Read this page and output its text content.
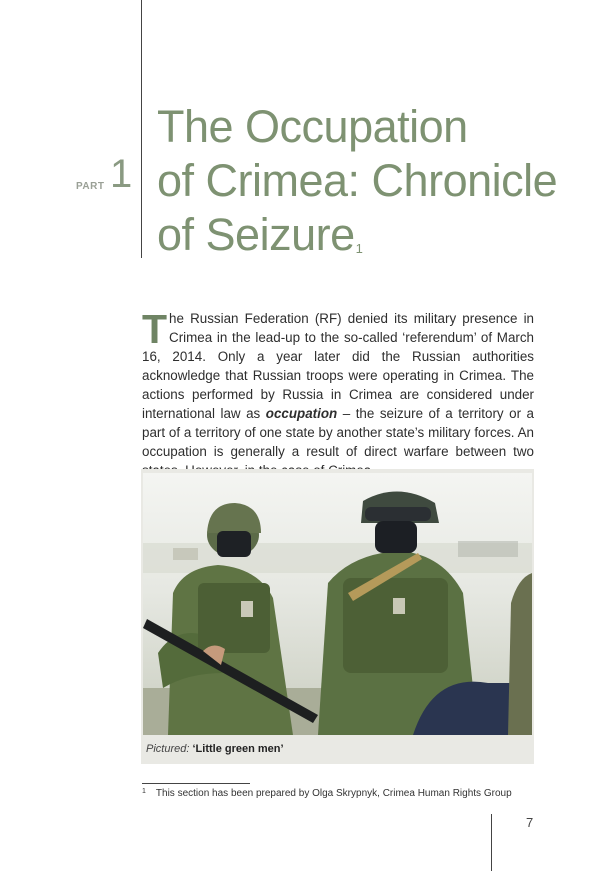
PART 1
The Occupation
of Crimea: Chronicle
of Seizure$^1$

The Russian Federation (RF) denied its military presence in Crimea in the lead-up to the so-called ‘referendum’ of March 16, 2014. Only a year later did the Russian authorities acknowledge that Russian troops were operating in Crimea. The actions performed by Russia in Crimea are considered under international law as occupation – the seizure of a territory or a part of a territory of one state by another state’s military forces. An occupation is generally a result of direct warfare between two

Pictured: ‘Little green men’
$^1$ This section has been prepared by Olga Skrypnyk, Crimea Human Rights Group
7
